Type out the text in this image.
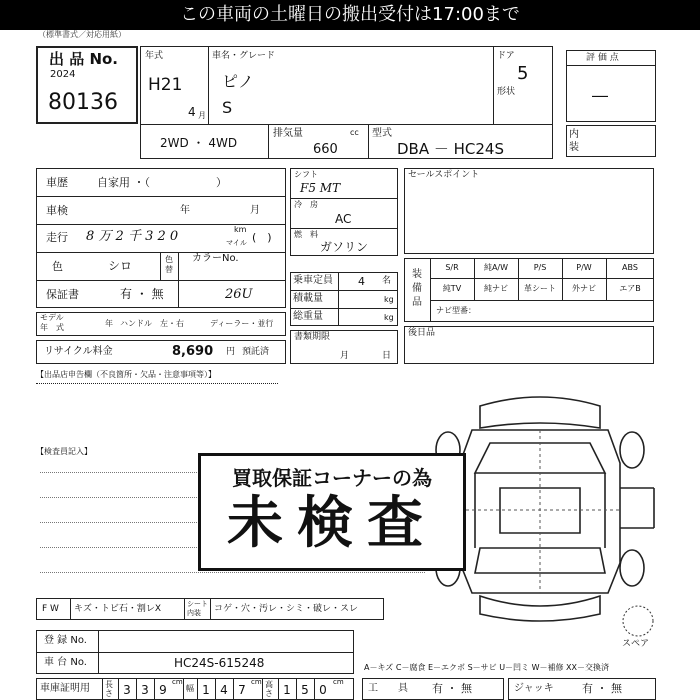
この車両の土曜日の搬出受付は17:00まで
（標準書式／対応用紙）
出 品 No.
2024
80136
年式
H21
4 月
車名・グレード
ピノ
S
ドア
5
形状
2WD ・ 4WD
排気量	cc
660
型式
DBA － HC24S
評 価 点
―
内
装
車歴	自家用 ・（　　　　　　）
車検	年	月
走行 8 万 2 千 3 2 0	km
マイル (　)
色	シロ	色替
カラーNo.
26U
保証書	有 ・ 無
モデル
年　式	年 ハンドル　左・右	ディーラー・並行
リサイクル料金	8,690 円 預託済
シフト
F5 MT
冷　房
AC
燃　料
ガソリン
乗車定員 4 名
積載量	kg
総重量	kg
書類期限
月	日
セールスポイント
装
備
品
S/R	純A/W	P/S	P/W	ABS
純TV	純ナビ	革シート	外ナビ	エアB
ナビ型番：
後日品
【出品店申告欄（不良箇所・欠品・注意事項等）】
【検査員記入】
買取保証コーナーの為
未検査
F W キズ・トビ石・割レX	シート内装	コゲ・穴・汚レ・シミ・破レ・スレ
スペア
登 録 No.
車 台 No.	HC24S-615248
車庫証明用 長さ 3 3 9
cm
幅 1 4 7
cm 高さ 1 5 0
cm
A－キズ C－腐食 E－エクボ S－サビ U－凹ミ W－補修 XX－交換済
工　　具 有 ・ 無	ジャッキ	有 ・ 無
